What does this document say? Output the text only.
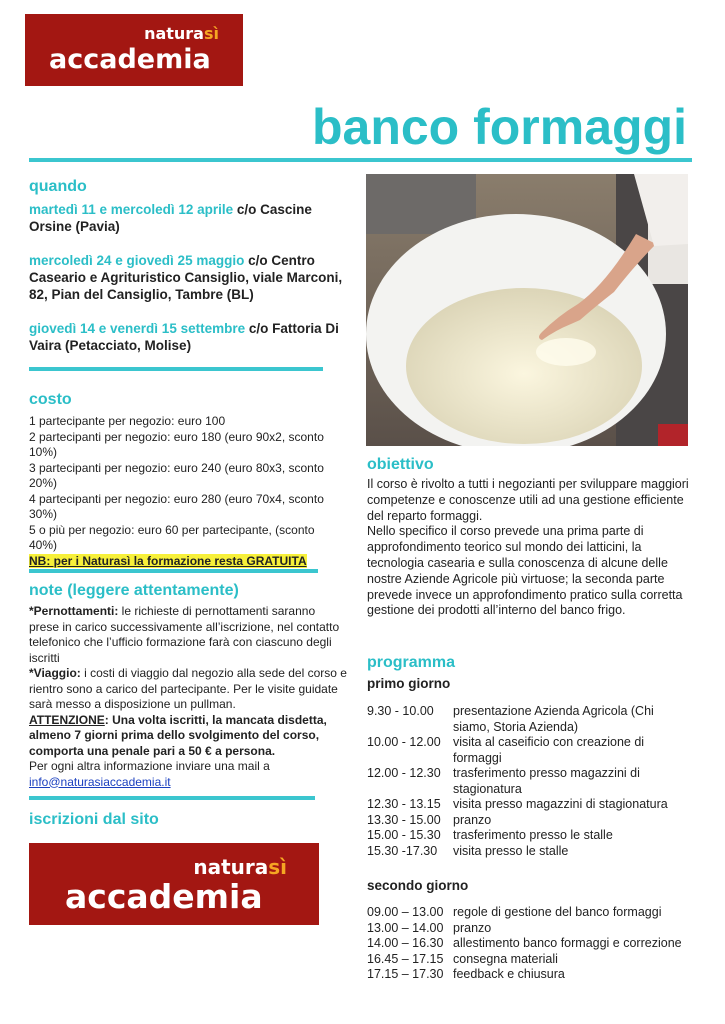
naturasì
accademia
banco formaggi
quando
martedì 11 e mercoledì 12 aprile c/o Cascine Orsine (Pavia)
mercoledì 24 e giovedì 25 maggio c/o Centro Caseario e Agrituristico Cansiglio, viale Marconi, 82, Pian del Cansiglio, Tambre (BL)
giovedì 14 e venerdì 15 settembre c/o Fattoria Di Vaira (Petacciato, Molise)
costo
1 partecipante per negozio: euro 100
2 partecipanti per negozio: euro 180 (euro 90x2, sconto 10%)
3 partecipanti per negozio: euro 240 (euro 80x3, sconto 20%)
4 partecipanti per negozio: euro 280 (euro 70x4, sconto 30%)
5 o più per negozio: euro 60 per partecipante, (sconto 40%)
NB: per i Naturasì la formazione resta GRATUITA
note (leggere attentamente)
*Pernottamenti: le richieste di pernottamenti saranno prese in carico successivamente all’iscrizione, nel contatto telefonico che l’ufficio formazione farà con ciascuno degli iscritti
*Viaggio: i costi di viaggio dal negozio alla sede del corso e rientro sono a carico del partecipante. Per le visite guidate sarà messo a disposizione un pullman.
ATTENZIONE: Una volta iscritti, la mancata disdetta, almeno 7 giorni prima dello svolgimento del corso, comporta una penale pari a 50 € a persona.
Per ogni altra informazione inviare una mail a
info@naturasiaccademia.it
iscrizioni dal sito
naturasì
accademia
obiettivo
Il corso è rivolto a tutti i negozianti per sviluppare maggiori competenze e conoscenze utili ad una gestione efficiente del reparto formaggi.
Nello specifico il corso prevede una prima parte di approfondimento teorico sul mondo dei latticini, la tecnologia casearia e sulla conoscenza di alcune delle nostre Aziende Agricole più virtuose; la seconda parte prevede invece un approfondimento pratico sulla corretta gestione dei prodotti all’interno del banco frigo.
programma
primo giorno
9.30 - 10.00	presentazione Azienda Agricola (Chi siamo, Storia Azienda)
10.00 - 12.00 visita al caseificio con creazione di formaggi
12.00 - 12.30 trasferimento presso magazzini di stagionatura
12.30 - 13.15 visita presso magazzini di stagionatura
13.30 - 15.00 pranzo
15.00 - 15.30 trasferimento presso le stalle
15.30 -17.30	visita presso le stalle
secondo giorno
09.00 – 13.00 regole di gestione del banco formaggi
13.00 – 14.00 pranzo
14.00 – 16.30 allestimento banco formaggi e correzione
16.45 – 17.15 consegna materiali
17.15 – 17.30 feedback e chiusura
